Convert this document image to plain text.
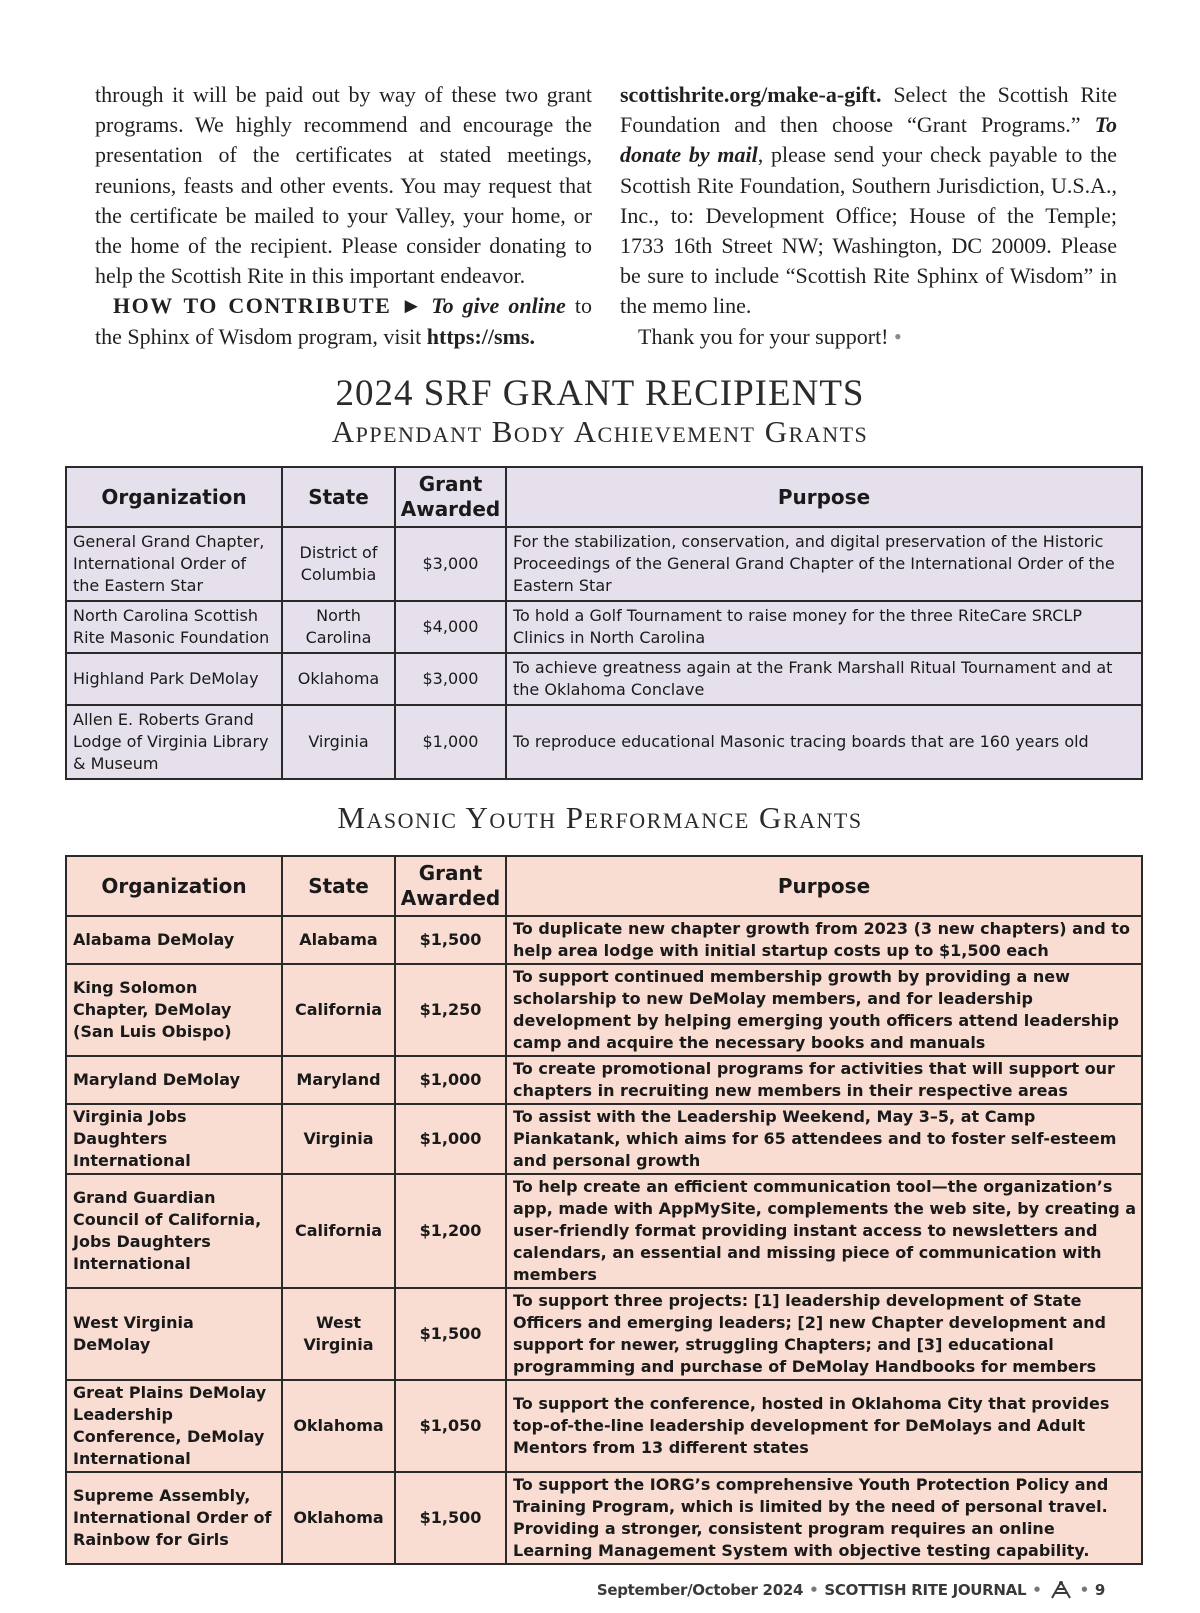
through it will be paid out by way of these two grant programs. We highly recommend and encourage the presentation of the certificates at stated meetings, reunions, feasts and other events. You may request that the certificate be mailed to your Valley, your home, or the home of the recipient. Please consider donating to help the Scottish Rite in this important endeavor.

HOW TO CONTRIBUTE ► To give online to the Sphinx of Wisdom program, visit https://sms.

scottishrite.org/make-a-gift. Select the Scottish Rite Foundation and then choose “Grant Programs.” To donate by mail, please send your check payable to the Scottish Rite Foundation, Southern Jurisdiction, U.S.A., Inc., to: Development Office; House of the Temple; 1733 16th Street NW; Washington, DC 20009. Please be sure to include “Scottish Rite Sphinx of Wisdom” in the memo line.

Thank you for your support! •

2024 SRF GRANT RECIPIENTS
Appendant Body Achievement Grants
Organization	State	Grant Awarded	Purpose
General Grand Chapter, International Order of the Eastern Star	District of Columbia	$3,000	For the stabilization, conservation, and digital preservation of the Historic Proceedings of the General Grand Chapter of the International Order of the Eastern Star
North Carolina Scottish Rite Masonic Foundation	North Carolina	$4,000	To hold a Golf Tournament to raise money for the three RiteCare SRCLP Clinics in North Carolina
Highland Park DeMolay	Oklahoma	$3,000	To achieve greatness again at the Frank Marshall Ritual Tournament and at the Oklahoma Conclave
Allen E. Roberts Grand Lodge of Virginia Library & Museum	Virginia	$1,000	To reproduce educational Masonic tracing boards that are 160 years old
Masonic Youth Performance Grants
Organization	State	Grant Awarded	Purpose
Alabama DeMolay	Alabama	$1,500	To duplicate new chapter growth from 2023 (3 new chapters) and to help area lodge with initial startup costs up to $1,500 each
King Solomon Chapter, DeMolay (San Luis Obispo)	California	$1,250	To support continued membership growth by providing a new scholarship to new DeMolay members, and for leadership development by helping emerging youth officers attend leadership camp and acquire the necessary books and manuals
Maryland DeMolay	Maryland	$1,000	To create promotional programs for activities that will support our chapters in recruiting new members in their respective areas
Virginia Jobs Daughters International	Virginia	$1,000	To assist with the Leadership Weekend, May 3–5, at Camp Piankatank, which aims for 65 attendees and to foster self-esteem and personal growth
Grand Guardian Council of California, Jobs Daughters International	California	$1,200	To help create an efficient communication tool—the organization’s app, made with AppMySite, complements the web site, by creating a user-friendly format providing instant access to newsletters and calendars, an essential and missing piece of communication with members
West Virginia DeMolay	West Virginia	$1,500	To support three projects: [1] leadership development of State Officers and emerging leaders; [2] new Chapter development and support for newer, struggling Chapters; and [3] educational programming and purchase of DeMolay Handbooks for members
Great Plains DeMolay Leadership Conference, DeMolay International	Oklahoma	$1,050	To support the conference, hosted in Oklahoma City that provides top-of-the-line leadership development for DeMolays and Adult Mentors from 13 different states
Supreme Assembly, International Order of Rainbow for Girls	Oklahoma	$1,500	To support the IORG’s comprehensive Youth Protection Policy and Training Program, which is limited by the need of personal travel. Providing a stronger, consistent program requires an online Learning Management System with objective testing capability.
September/October 2024 • SCOTTISH RITE JOURNAL •	• 9
